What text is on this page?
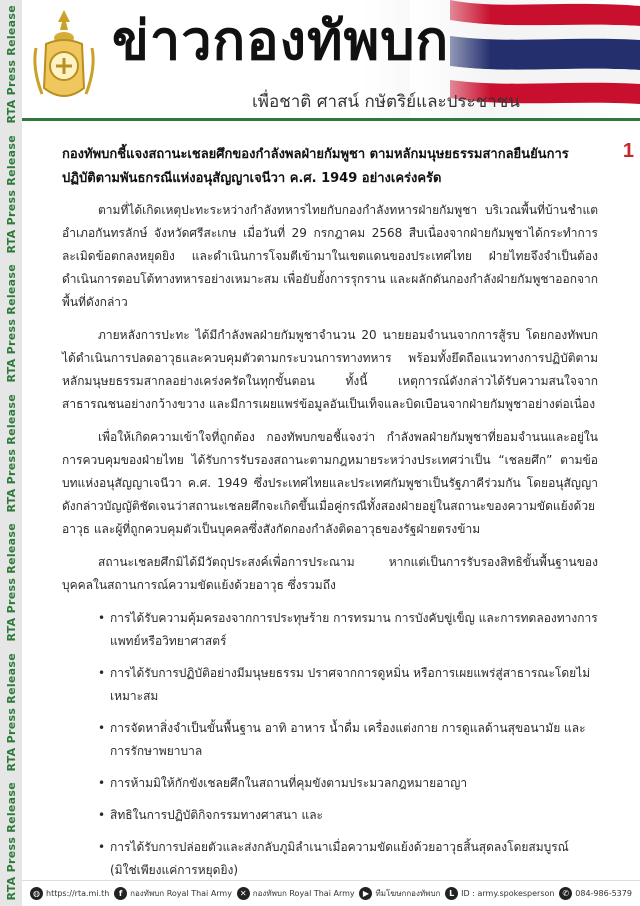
RTA Press Release
RTA Press Release
RTA Press Release
RTA Press Release
RTA Press Release
RTA Press Release
RTA Press Release
ข่าวกองทัพบก
เพื่อชาติ ศาสน์ กษัตริย์และประชาชน
1
กองทัพบกชี้แจงสถานะเชลยศึกของกำลังพลฝ่ายกัมพูชา ตามหลักมนุษยธรรมสากลยืนยันการปฏิบัติตามพันธกรณีแห่งอนุสัญญาเจนีวา ค.ศ. 1949 อย่างเคร่งครัด

ตามที่ได้เกิดเหตุปะทะระหว่างกำลังทหารไทยกับกองกำลังทหารฝ่ายกัมพูชา บริเวณพื้นที่บ้านชำแต อำเภอกันทรลักษ์ จังหวัดศรีสะเกษ เมื่อวันที่ 29 กรกฎาคม 2568 สืบเนื่องจากฝ่ายกัมพูชาได้กระทำการละเมิดข้อตกลงหยุดยิง และดำเนินการโจมตีเข้ามาในเขตแดนของประเทศไทย ฝ่ายไทยจึงจำเป็นต้องดำเนินการตอบโต้ทางทหารอย่างเหมาะสม เพื่อยับยั้งการรุกราน และผลักดันกองกำลังฝ่ายกัมพูชาออกจากพื้นที่ดังกล่าว

ภายหลังการปะทะ ได้มีกำลังพลฝ่ายกัมพูชาจำนวน 20 นายยอมจำนนจากการสู้รบ โดยกองทัพบกได้ดำเนินการปลดอาวุธและควบคุมตัวตามกระบวนการทางทหาร พร้อมทั้งยึดถือแนวทางการปฏิบัติตามหลักมนุษยธรรมสากลอย่างเคร่งครัดในทุกขั้นตอน ทั้งนี้ เหตุการณ์ดังกล่าวได้รับความสนใจจากสาธารณชนอย่างกว้างขวาง และมีการเผยแพร่ข้อมูลอันเป็นเท็จและบิดเบือนจากฝ่ายกัมพูชาอย่างต่อเนื่อง

เพื่อให้เกิดความเข้าใจที่ถูกต้อง กองทัพบกขอชี้แจงว่า กำลังพลฝ่ายกัมพูชาที่ยอมจำนนและอยู่ในการควบคุมของฝ่ายไทย ได้รับการรับรองสถานะตามกฎหมายระหว่างประเทศว่าเป็น “เชลยศึก” ตามข้อบทแห่งอนุสัญญาเจนีวา ค.ศ. 1949 ซึ่งประเทศไทยและประเทศกัมพูชาเป็นรัฐภาคีร่วมกัน โดยอนุสัญญาดังกล่าวบัญญัติชัดเจนว่าสถานะเชลยศึกจะเกิดขึ้นเมื่อคู่กรณีทั้งสองฝ่ายอยู่ในสถานะของความขัดแย้งด้วยอาวุธ และผู้ที่ถูกควบคุมตัวเป็นบุคคลซึ่งสังกัดกองกำลังติดอาวุธของรัฐฝ่ายตรงข้าม

สถานะเชลยศึกมิได้มีวัตถุประสงค์เพื่อการประณาม หากแต่เป็นการรับรองสิทธิขั้นพื้นฐานของบุคคลในสถานการณ์ความขัดแย้งด้วยอาวุธ ซึ่งรวมถึง

• การได้รับความคุ้มครองจากการประทุษร้าย การทรมาน การบังคับขู่เข็ญ และการทดลองทางการแพทย์หรือวิทยาศาสตร์
• การได้รับการปฏิบัติอย่างมีมนุษยธรรม ปราศจากการดูหมิ่น หรือการเผยแพร่สู่สาธารณะโดยไม่เหมาะสม
• การจัดหาสิ่งจำเป็นขั้นพื้นฐาน อาทิ อาหาร น้ำดื่ม เครื่องแต่งกาย การดูแลด้านสุขอนามัย และการรักษาพยาบาล
• การห้ามมิให้กักขังเชลยศึกในสถานที่คุมขังตามประมวลกฎหมายอาญา
• สิทธิในการปฏิบัติกิจกรรมทางศาสนา และ
• การได้รับการปล่อยตัวและส่งกลับภูมิลำเนาเมื่อความขัดแย้งด้วยอาวุธสิ้นสุดลงโดยสมบูรณ์ (มิใช่เพียงแค่การหยุดยิง)
◍ https://rta.mi.th	f กองทัพบก Royal Thai Army ✕ กองทัพบก Royal Thai Army	▶ ทีมโฆษกกองทัพบก	L ID : army.spokesperson ✆ 084-986-5379
